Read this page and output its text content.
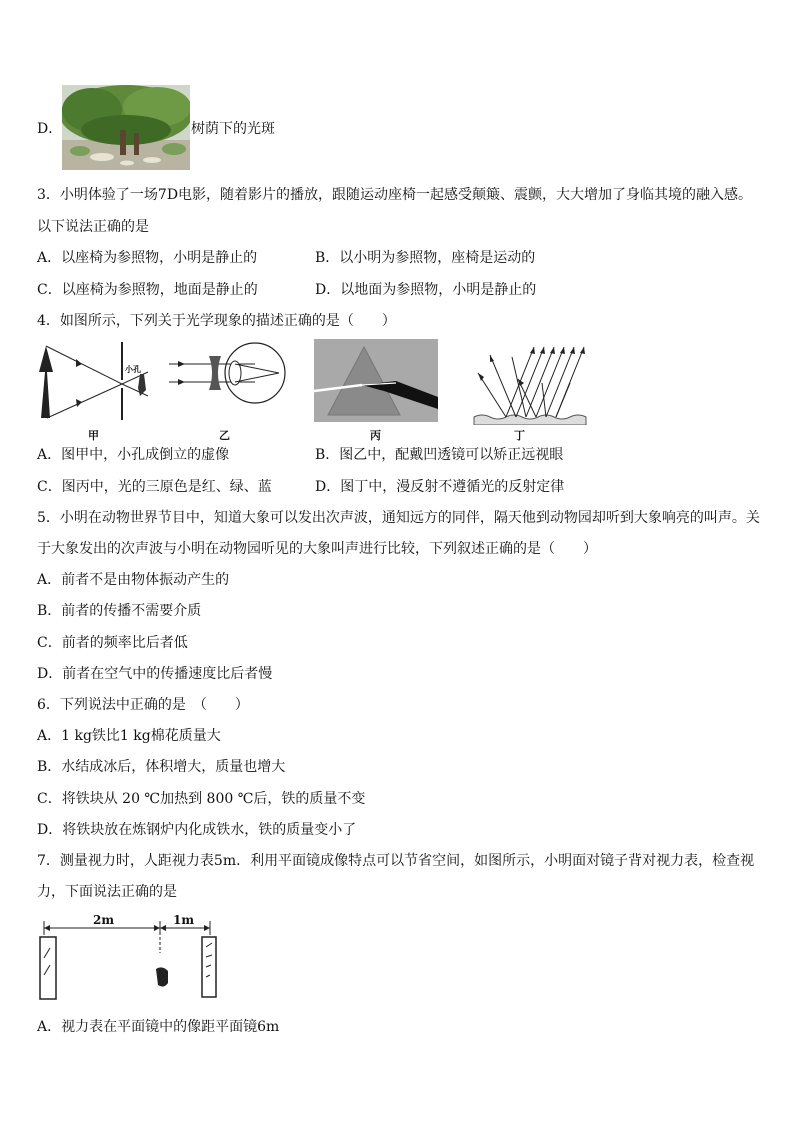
D．	树荫下的光斑
3．小明体验了一场7D电影，随着影片的播放，跟随运动座椅一起感受颠簸、震颤，大大增加了身临其境的融入感。
以下说法正确的是
A．以座椅为参照物，小明是静止的	B．以小明为参照物，座椅是运动的
C．以座椅为参照物，地面是静止的	D．以地面为参照物，小明是静止的
4．如图所示，下列关于光学现象的描述正确的是（　　）
小孔
甲	乙	丙	丁
A．图甲中，小孔成倒立的虚像	B．图乙中，配戴凹透镜可以矫正远视眼
C．图丙中，光的三原色是红、绿、蓝	D．图丁中，漫反射不遵循光的反射定律
5．小明在动物世界节目中，知道大象可以发出次声波，通知远方的同伴，隔天他到动物园却听到大象响亮的叫声。关
于大象发出的次声波与小明在动物园听见的大象叫声进行比较，下列叙述正确的是（　　）
A．前者不是由物体振动产生的
B．前者的传播不需要介质
C．前者的频率比后者低
D．前者在空气中的传播速度比后者慢
6．下列说法中正确的是　（　　）
A．1 kg铁比1 kg棉花质量大
B．水结成冰后，体积增大，质量也增大
C．将铁块从 20 ℃加热到 800 ℃后，铁的质量不变
D．将铁块放在炼钢炉内化成铁水，铁的质量变小了
7．测量视力时，人距视力表5m．利用平面镜成像特点可以节省空间，如图所示，小明面对镜子背对视力表，检查视
力，下面说法正确的是
2m	1m
A．视力表在平面镜中的像距平面镜6m
